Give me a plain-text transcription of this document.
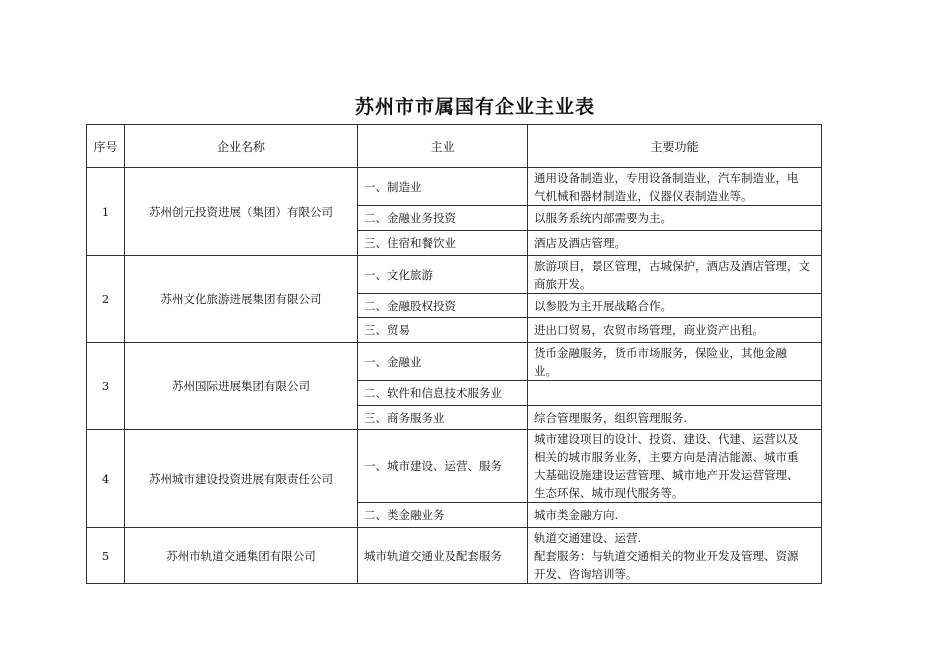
苏州市市属国有企业主业表
序号	企业名称	主业	主要功能
1	苏州创元投资进展（集团）有限公司	一、制造业	通用设备制造业，专用设备制造业，汽车制造业，电
气机械和器材制造业，仪器仪表制造业等。

		二、金融业务投资	以服务系统内部需要为主。

		三、住宿和餐饮业	酒店及酒店管理。

2	苏州文化旅游进展集团有限公司	一、文化旅游	旅游项目，景区管理，古城保护，酒店及酒店管理，文
商旅开发。

		二、金融股权投资	以参股为主开展战略合作。

		三、贸易	进出口贸易，农贸市场管理，商业资产出租。

3	苏州国际进展集团有限公司	一、金融业	货币金融服务，货币市场服务，保险业，其他金融
业。

		二、软件和信息技术服务业	
		三、商务服务业	综合管理服务，组织管理服务.

4	苏州城市建设投资进展有限责任公司	一、城市建设、运营、服务	城市建设项目的设计、投资、建设、代建、运营以及
相关的城市服务业务，主要方向是清洁能源、城市重
大基础设施建设运营管理、城市地产开发运营管理、
生态环保、城市现代服务等。

		二、类金融业务	城市类金融方向.

5	苏州市轨道交通集团有限公司	城市轨道交通业及配套服务	轨道交通建设、运营.
配套服务：与轨道交通相关的物业开发及管理、资源
开发、咨询培训等。
